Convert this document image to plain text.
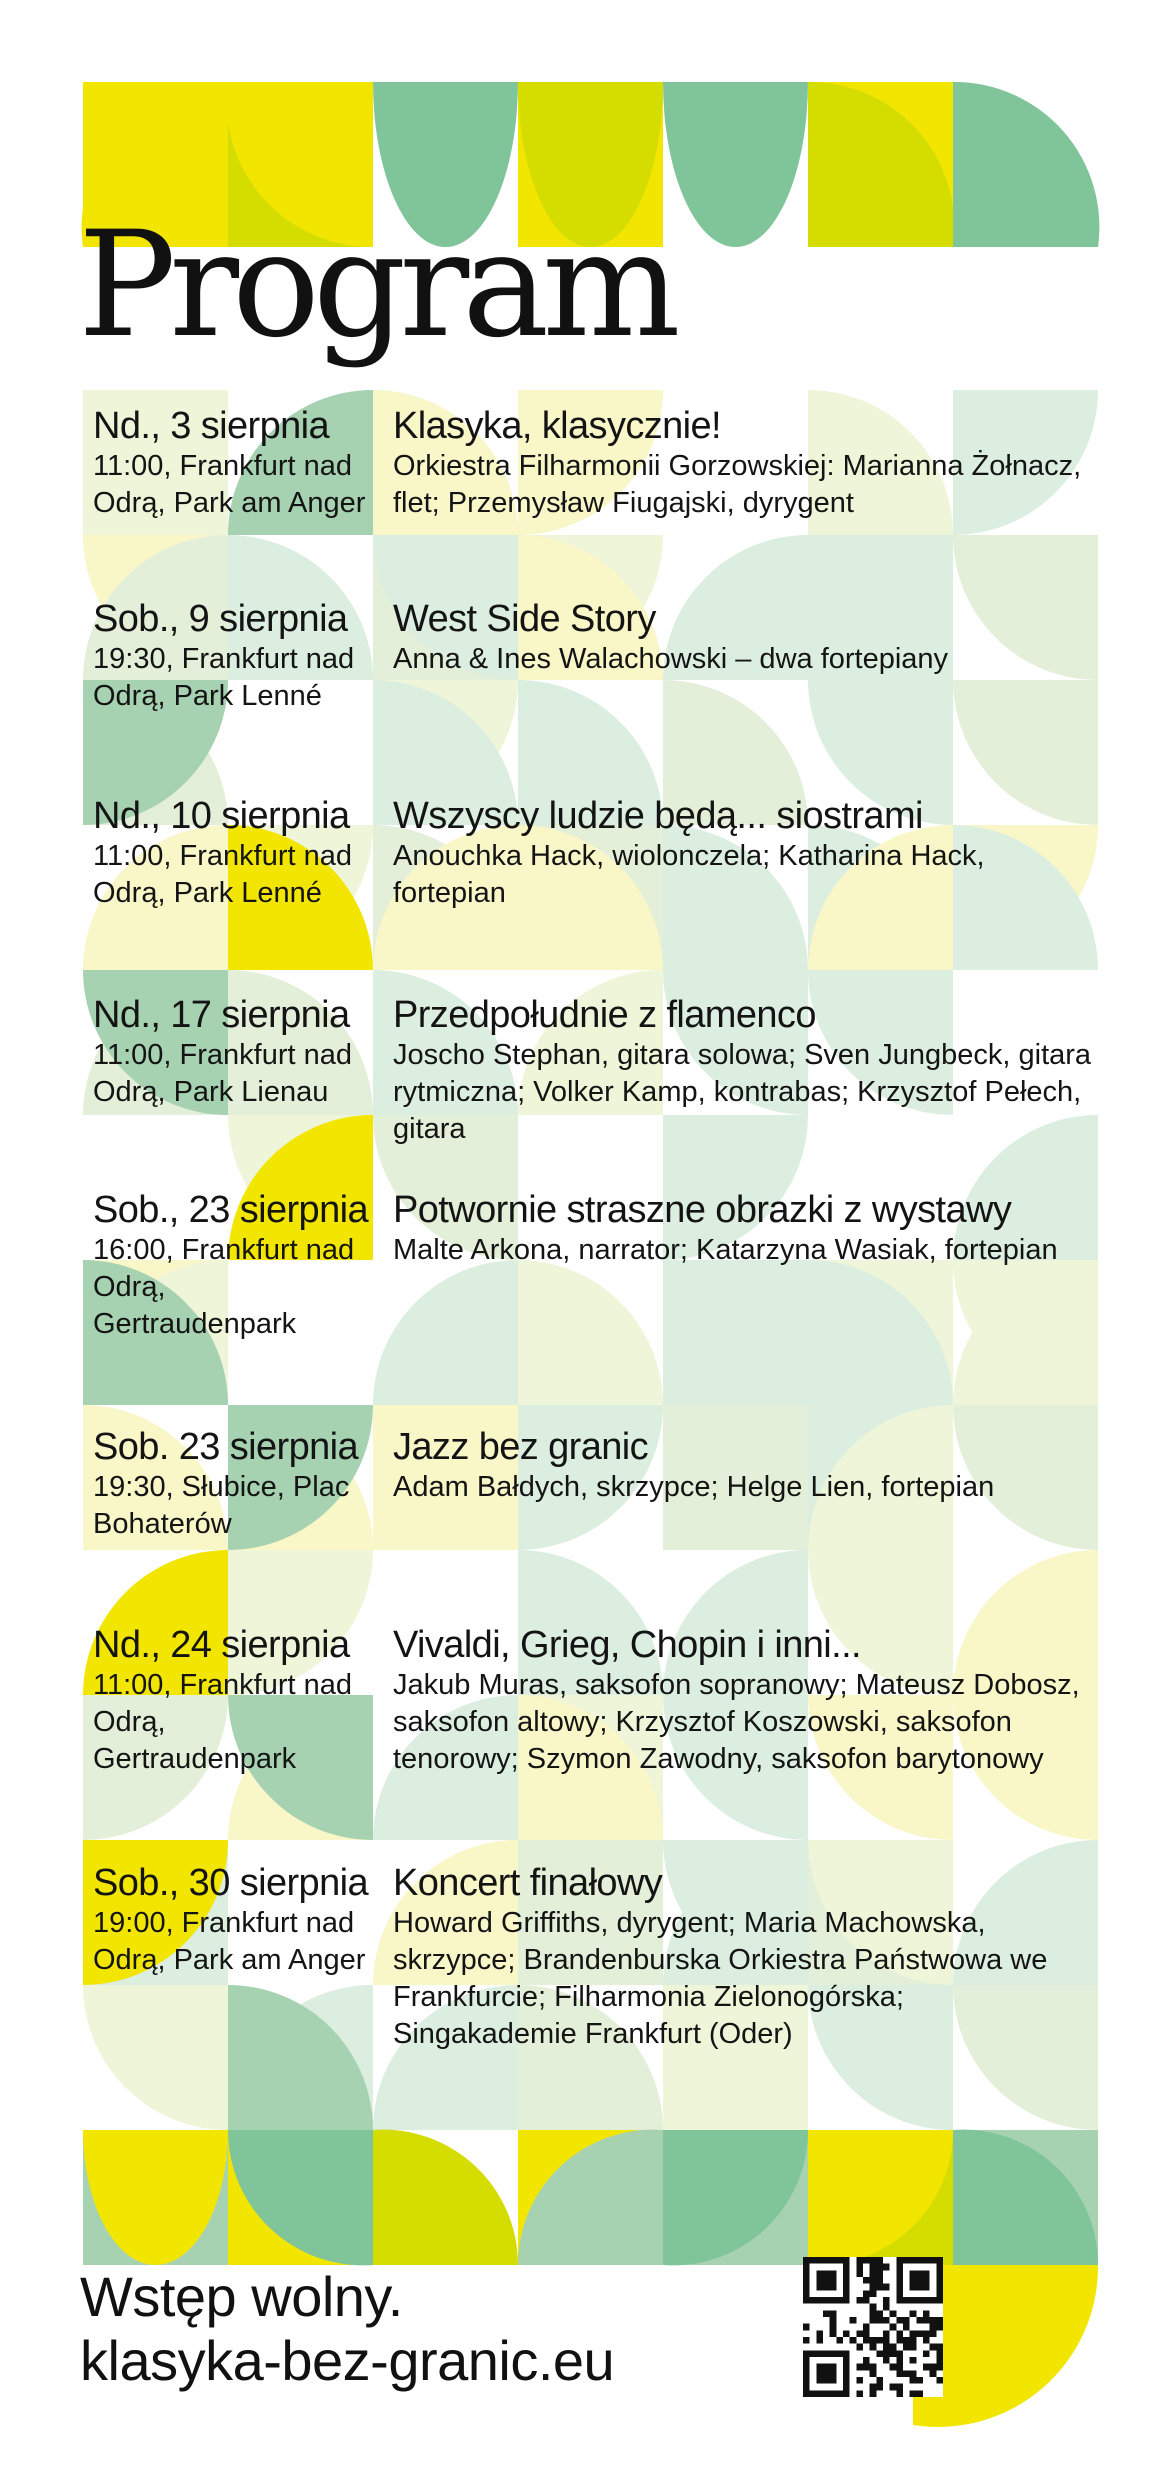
Program
Nd., 3 sierpnia
11:00, Frankfurt nad Odrą, Park am Anger
Klasyka, klasycznie!
Orkiestra Filharmonii Gorzowskiej: Marianna Żołnacz, flet; Przemysław Fiugajski, dyrygent
Sob., 9 sierpnia
19:30, Frankfurt nad Odrą, Park Lenné
West Side Story
Anna & Ines Walachowski – dwa fortepiany
Nd., 10 sierpnia
11:00, Frankfurt nad Odrą, Park Lenné
Wszyscy ludzie będą... siostrami
Anouchka Hack, wiolonczela; Katharina Hack, fortepian
Nd., 17 sierpnia
11:00, Frankfurt nad Odrą, Park Lienau
Przedpołudnie z flamenco
Joscho Stephan, gitara solowa; Sven Jungbeck, gitara rytmiczna; Volker Kamp, kontrabas; Krzysztof Pełech, gitara
Sob., 23 sierpnia
16:00, Frankfurt nad Odrą, Gertraudenpark
Potwornie straszne obrazki z wystawy
Malte Arkona, narrator; Katarzyna Wasiak, fortepian
Sob. 23 sierpnia
19:30, Słubice, Plac Bohaterów
Jazz bez granic
Adam Bałdych, skrzypce; Helge Lien, fortepian
Nd., 24 sierpnia
11:00, Frankfurt nad Odrą, Gertraudenpark
Vivaldi, Grieg, Chopin i inni...
Jakub Muras, saksofon sopranowy; Mateusz Dobosz, saksofon altowy; Krzysztof Koszowski, saksofon tenorowy; Szymon Zawodny, saksofon barytonowy
Sob., 30 sierpnia
19:00, Frankfurt nad Odrą, Park am Anger
Koncert finałowy
Howard Griffiths, dyrygent; Maria Machowska, skrzypce; Brandenburska Orkiestra Państwowa we Frankfurcie; Filharmonia Zielonogórska; Singakademie Frankfurt (Oder)
Wstęp wolny.
klasyka-bez-granic.eu
